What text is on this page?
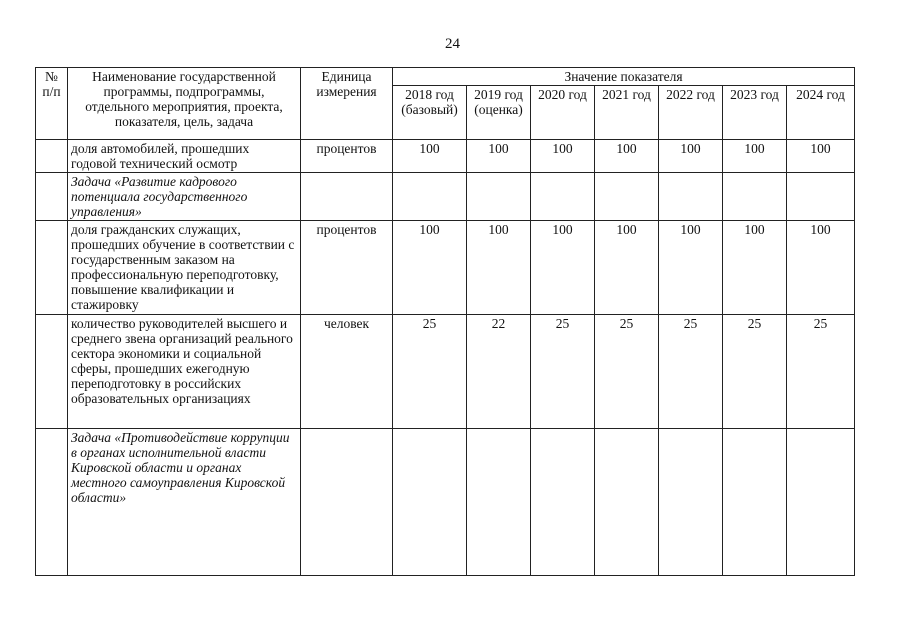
24
№
п/п	Наименование государственной программы, подпрограммы, отдельного мероприятия, проекта, показателя, цель, задача	Единица измерения	Значение показателя						
			2018 год (базовый)	2019 год (оценка)	2020 год	2021 год	2022 год	2023 год	2024 год
	доля автомобилей, прошедших годовой технический осмотр	процентов	100	100	100	100	100	100	100
	Задача «Развитие кадрового потенциала государственного управления»								
	доля гражданских служащих, прошедших обучение в соответствии с государственным заказом на профессиональную переподготовку, повышение квалификации и стажировку	процентов	100	100	100	100	100	100	100
	количество руководителей высшего и среднего звена организаций реального сектора экономики и социальной сферы, прошедших ежегодную переподготовку в российских образовательных организациях	человек	25	22	25	25	25	25	25
	Задача «Противодействие коррупции в органах исполнительной власти Кировской области и органах местного самоуправления Кировской области»								
